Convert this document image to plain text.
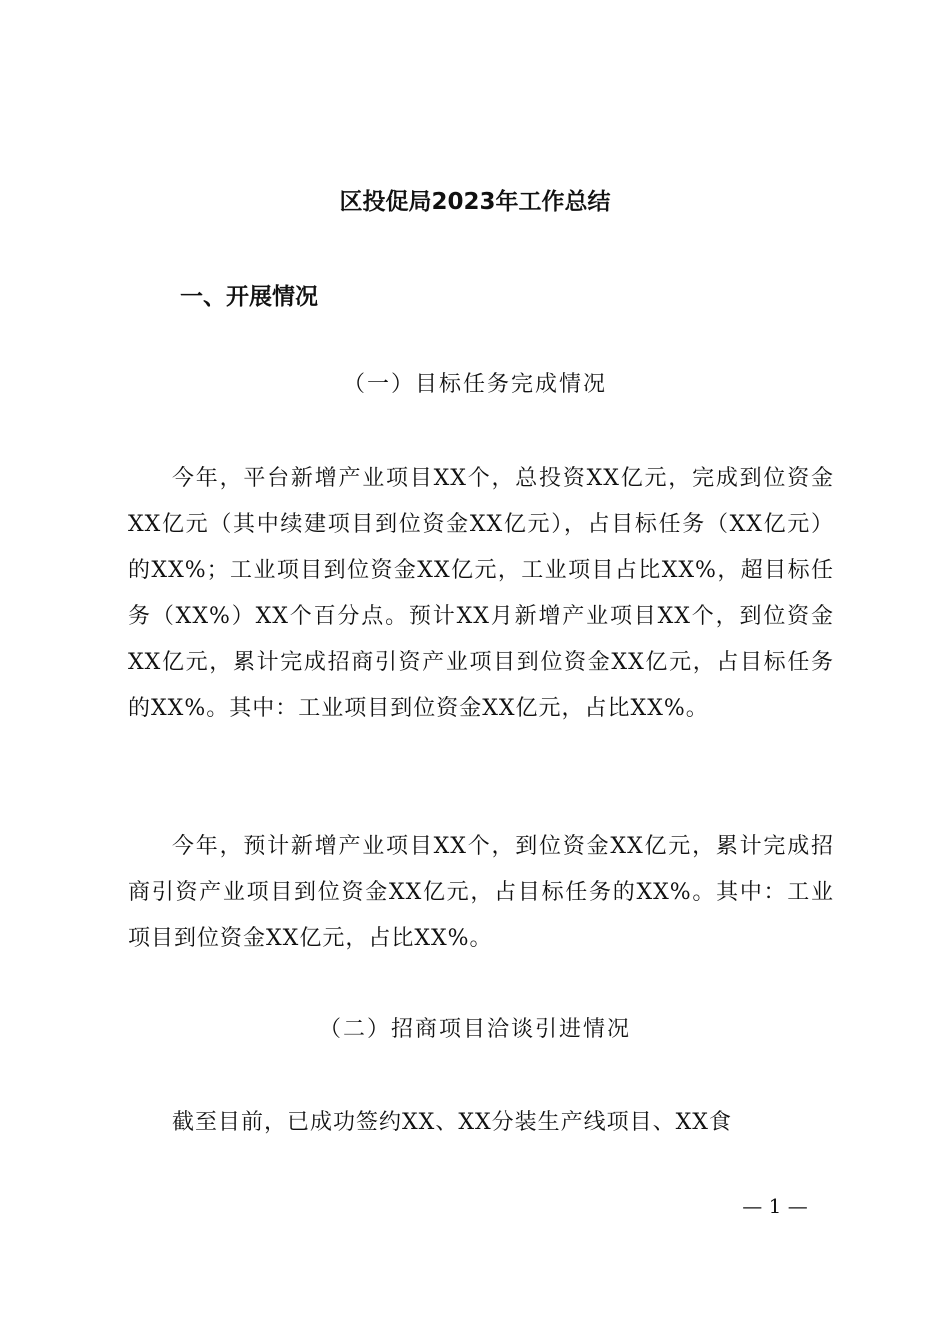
区投促局2023年工作总结
一、开展情况
（一）目标任务完成情况

今年，平台新增产业项目XX个，总投资XX亿元，完成到位资金XX亿元（其中续建项目到位资金XX亿元），占目标任务（XX亿元）的XX%；工业项目到位资金XX亿元，工业项目占比XX%，超目标任务（XX%）XX个百分点。预计XX月新增产业项目XX个，到位资金XX亿元，累计完成招商引资产业项目到位资金XX亿元，占目标任务的XX%。其中：工业项目到位资金XX亿元，占比XX%。

今年，预计新增产业项目XX个，到位资金XX亿元，累计完成招商引资产业项目到位资金XX亿元，占目标任务的XX%。其中：工业项目到位资金XX亿元，占比XX%。

（二）招商项目洽谈引进情况

截至目前，已成功签约XX、XX分装生产线项目、XX食

— 1 —
